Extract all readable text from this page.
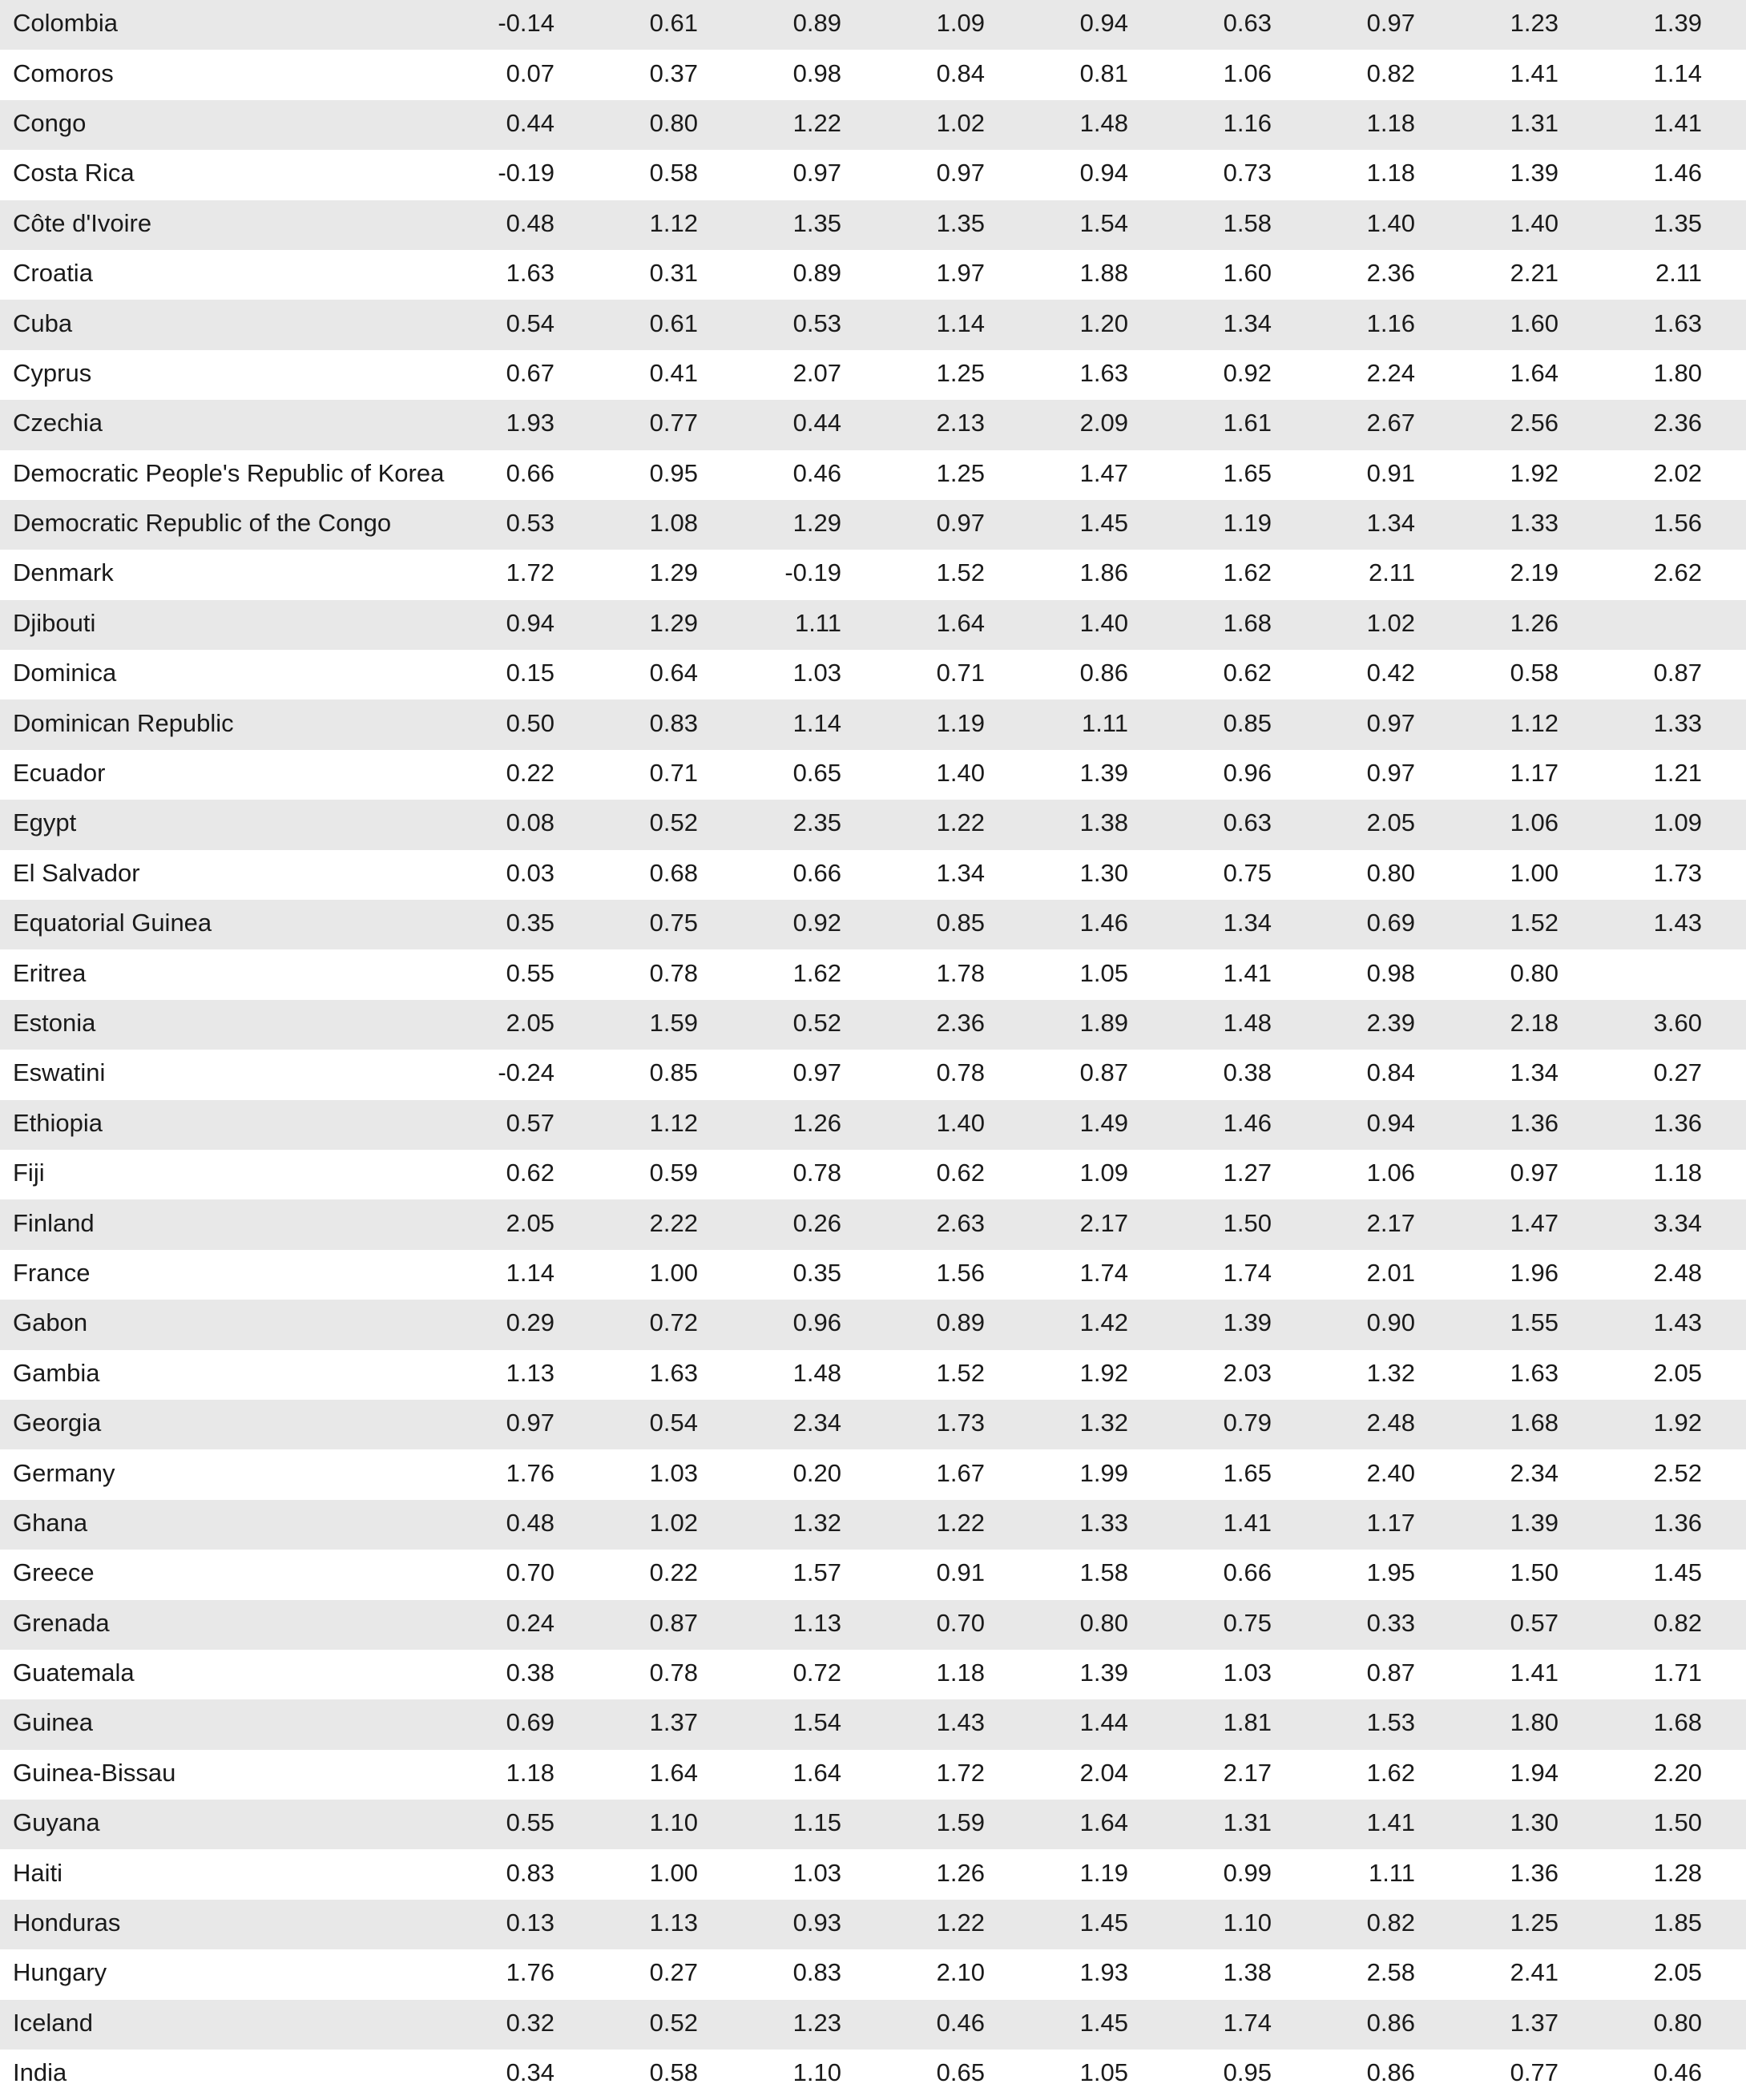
Colombia	-0.14	0.61	0.89	1.09	0.94	0.63	0.97	1.23	1.39
Comoros	0.07	0.37	0.98	0.84	0.81	1.06	0.82	1.41	1.14
Congo	0.44	0.80	1.22	1.02	1.48	1.16	1.18	1.31	1.41
Costa Rica	-0.19	0.58	0.97	0.97	0.94	0.73	1.18	1.39	1.46
Côte d'Ivoire	0.48	1.12	1.35	1.35	1.54	1.58	1.40	1.40	1.35
Croatia	1.63	0.31	0.89	1.97	1.88	1.60	2.36	2.21	2.11
Cuba	0.54	0.61	0.53	1.14	1.20	1.34	1.16	1.60	1.63
Cyprus	0.67	0.41	2.07	1.25	1.63	0.92	2.24	1.64	1.80
Czechia	1.93	0.77	0.44	2.13	2.09	1.61	2.67	2.56	2.36
Democratic People's Republic of Korea	0.66	0.95	0.46	1.25	1.47	1.65	0.91	1.92	2.02
Democratic Republic of the Congo	0.53	1.08	1.29	0.97	1.45	1.19	1.34	1.33	1.56
Denmark	1.72	1.29	-0.19	1.52	1.86	1.62	2.11	2.19	2.62
Djibouti	0.94	1.29	1.11	1.64	1.40	1.68	1.02	1.26
Dominica	0.15	0.64	1.03	0.71	0.86	0.62	0.42	0.58	0.87
Dominican Republic	0.50	0.83	1.14	1.19	1.11	0.85	0.97	1.12	1.33
Ecuador	0.22	0.71	0.65	1.40	1.39	0.96	0.97	1.17	1.21
Egypt	0.08	0.52	2.35	1.22	1.38	0.63	2.05	1.06	1.09
El Salvador	0.03	0.68	0.66	1.34	1.30	0.75	0.80	1.00	1.73
Equatorial Guinea	0.35	0.75	0.92	0.85	1.46	1.34	0.69	1.52	1.43
Eritrea	0.55	0.78	1.62	1.78	1.05	1.41	0.98	0.80
Estonia	2.05	1.59	0.52	2.36	1.89	1.48	2.39	2.18	3.60
Eswatini	-0.24	0.85	0.97	0.78	0.87	0.38	0.84	1.34	0.27
Ethiopia	0.57	1.12	1.26	1.40	1.49	1.46	0.94	1.36	1.36
Fiji	0.62	0.59	0.78	0.62	1.09	1.27	1.06	0.97	1.18
Finland	2.05	2.22	0.26	2.63	2.17	1.50	2.17	1.47	3.34
France	1.14	1.00	0.35	1.56	1.74	1.74	2.01	1.96	2.48
Gabon	0.29	0.72	0.96	0.89	1.42	1.39	0.90	1.55	1.43
Gambia	1.13	1.63	1.48	1.52	1.92	2.03	1.32	1.63	2.05
Georgia	0.97	0.54	2.34	1.73	1.32	0.79	2.48	1.68	1.92
Germany	1.76	1.03	0.20	1.67	1.99	1.65	2.40	2.34	2.52
Ghana	0.48	1.02	1.32	1.22	1.33	1.41	1.17	1.39	1.36
Greece	0.70	0.22	1.57	0.91	1.58	0.66	1.95	1.50	1.45
Grenada	0.24	0.87	1.13	0.70	0.80	0.75	0.33	0.57	0.82
Guatemala	0.38	0.78	0.72	1.18	1.39	1.03	0.87	1.41	1.71
Guinea	0.69	1.37	1.54	1.43	1.44	1.81	1.53	1.80	1.68
Guinea-Bissau	1.18	1.64	1.64	1.72	2.04	2.17	1.62	1.94	2.20
Guyana	0.55	1.10	1.15	1.59	1.64	1.31	1.41	1.30	1.50
Haiti	0.83	1.00	1.03	1.26	1.19	0.99	1.11	1.36	1.28
Honduras	0.13	1.13	0.93	1.22	1.45	1.10	0.82	1.25	1.85
Hungary	1.76	0.27	0.83	2.10	1.93	1.38	2.58	2.41	2.05
Iceland	0.32	0.52	1.23	0.46	1.45	1.74	0.86	1.37	0.80
India	0.34	0.58	1.10	0.65	1.05	0.95	0.86	0.77	0.46
